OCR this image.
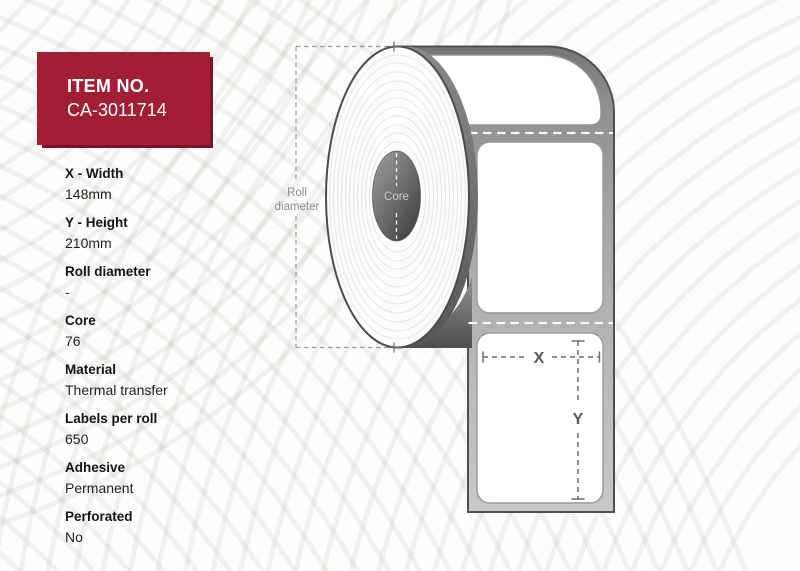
ITEM NO.
CA-3011714
X - Width
148mm
Y - Height
210mm
Roll diameter
-
Core
76
Material
Thermal transfer
Labels per roll
650
Adhesive
Permanent
Perforated
No
Core
Roll
diameter
X
Y
